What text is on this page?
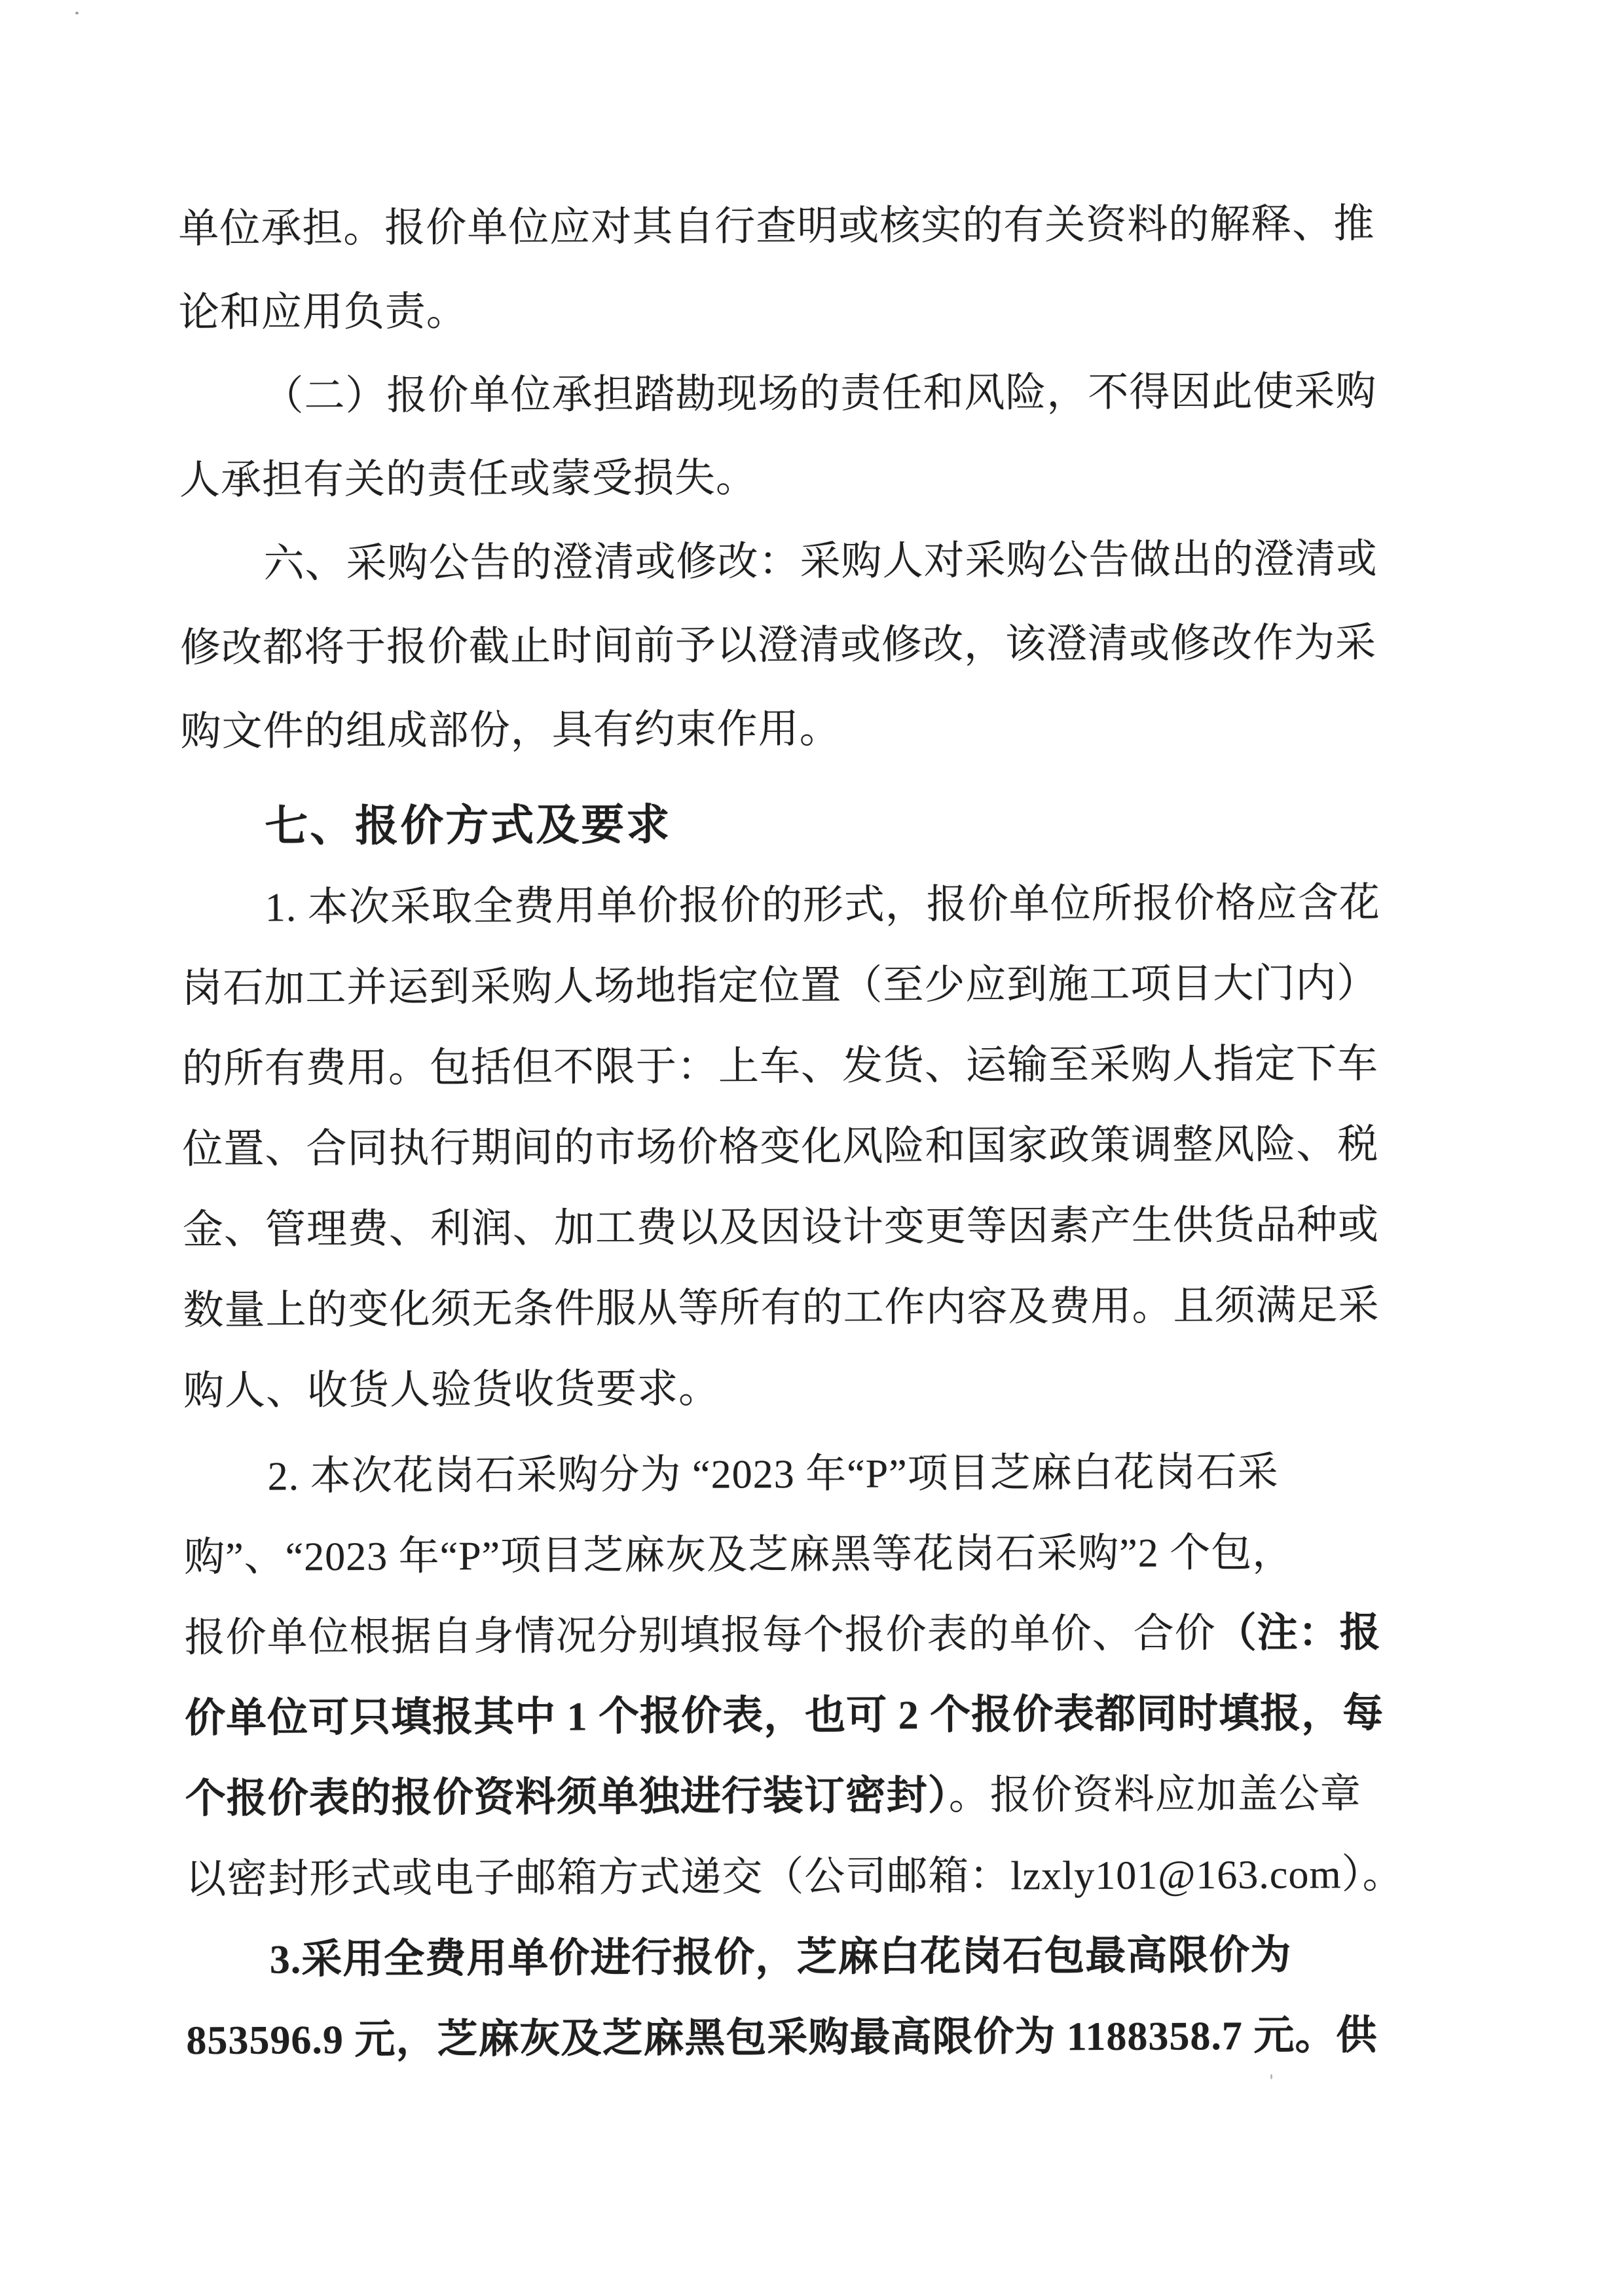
单位承担。报价单位应对其自行查明或核实的有关资料的解释、推
论和应用负责。
（二）报价单位承担踏勘现场的责任和风险，不得因此使采购
人承担有关的责任或蒙受损失。
六、采购公告的澄清或修改：采购人对采购公告做出的澄清或
修改都将于报价截止时间前予以澄清或修改，该澄清或修改作为采
购文件的组成部份，具有约束作用。
七、报价方式及要求
1. 本次采取全费用单价报价的形式，报价单位所报价格应含花
岗石加工并运到采购人场地指定位置（至少应到施工项目大门内）
的所有费用。包括但不限于：上车、发货、运输至采购人指定下车
位置、合同执行期间的市场价格变化风险和国家政策调整风险、税
金、管理费、利润、加工费以及因设计变更等因素产生供货品种或
数量上的变化须无条件服从等所有的工作内容及费用。且须满足采
购人、收货人验货收货要求。
2. 本次花岗石采购分为 “2023 年“P”项目芝麻白花岗石采
购”、“2023 年“P”项目芝麻灰及芝麻黑等花岗石采购”2 个包，
报价单位根据自身情况分别填报每个报价表的单价、合价（注：报
价单位可只填报其中 1 个报价表，也可 2 个报价表都同时填报，每
个报价表的报价资料须单独进行装订密封）。报价资料应加盖公章
以密封形式或电子邮箱方式递交（公司邮箱：lzxly101@163.com）。
3.采用全费用单价进行报价，芝麻白花岗石包最高限价为
853596.9 元，芝麻灰及芝麻黑包采购最高限价为 1188358.7 元。供
